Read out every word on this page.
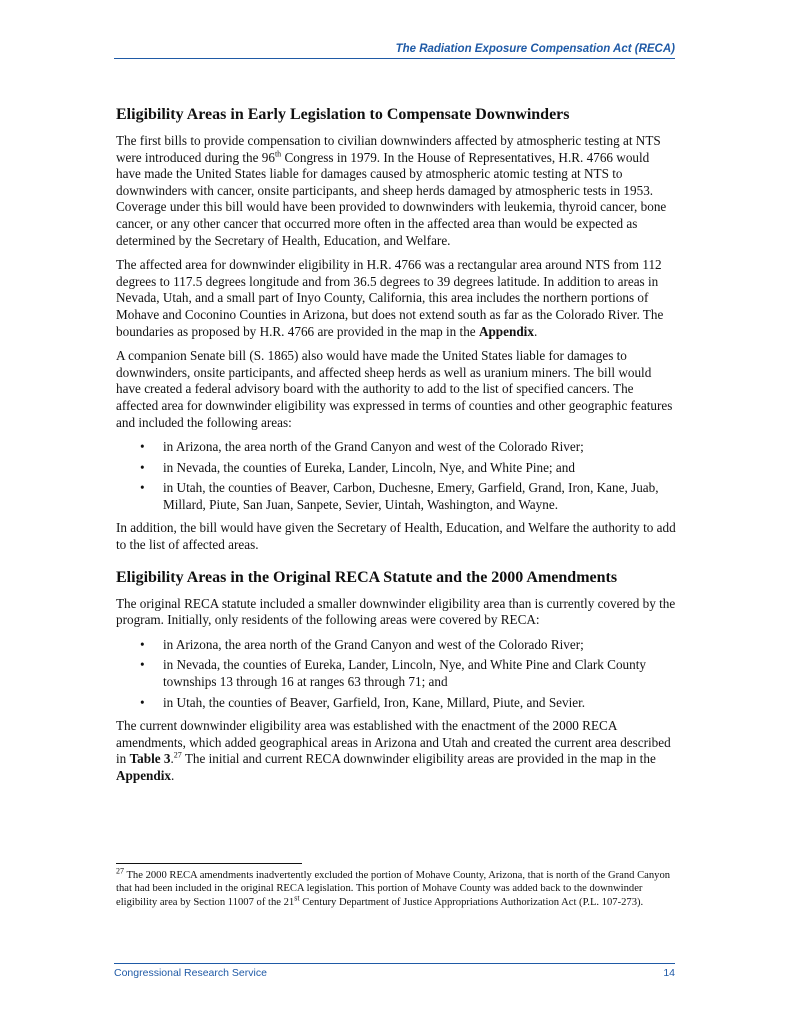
The Radiation Exposure Compensation Act (RECA)
Eligibility Areas in Early Legislation to Compensate Downwinders

The first bills to provide compensation to civilian downwinders affected by atmospheric testing at NTS were introduced during the 96th Congress in 1979. In the House of Representatives, H.R. 4766 would have made the United States liable for damages caused by atmospheric atomic testing at NTS to downwinders with cancer, onsite participants, and sheep herds damaged by atmospheric tests in 1953. Coverage under this bill would have been provided to downwinders with leukemia, thyroid cancer, bone cancer, or any other cancer that occurred more often in the affected area than would be expected as determined by the Secretary of Health, Education, and Welfare.

The affected area for downwinder eligibility in H.R. 4766 was a rectangular area around NTS from 112 degrees to 117.5 degrees longitude and from 36.5 degrees to 39 degrees latitude. In addition to areas in Nevada, Utah, and a small part of Inyo County, California, this area includes the northern portions of Mohave and Coconino Counties in Arizona, but does not extend south as far as the Colorado River. The boundaries as proposed by H.R. 4766 are provided in the map in the Appendix.

A companion Senate bill (S. 1865) also would have made the United States liable for damages to downwinders, onsite participants, and affected sheep herds as well as uranium miners. The bill would have created a federal advisory board with the authority to add to the list of specified cancers. The affected area for downwinder eligibility was expressed in terms of counties and other geographic features and included the following areas:

• in Arizona, the area north of the Grand Canyon and west of the Colorado River;
• in Nevada, the counties of Eureka, Lander, Lincoln, Nye, and White Pine; and
• in Utah, the counties of Beaver, Carbon, Duchesne, Emery, Garfield, Grand, Iron, Kane, Juab, Millard, Piute, San Juan, Sanpete, Sevier, Uintah, Washington, and Wayne.

In addition, the bill would have given the Secretary of Health, Education, and Welfare the authority to add to the list of affected areas.

Eligibility Areas in the Original RECA Statute and the 2000 Amendments

The original RECA statute included a smaller downwinder eligibility area than is currently covered by the program. Initially, only residents of the following areas were covered by RECA:

• in Arizona, the area north of the Grand Canyon and west of the Colorado River;
• in Nevada, the counties of Eureka, Lander, Lincoln, Nye, and White Pine and Clark County townships 13 through 16 at ranges 63 through 71; and
• in Utah, the counties of Beaver, Garfield, Iron, Kane, Millard, Piute, and Sevier.

The current downwinder eligibility area was established with the enactment of the 2000 RECA amendments, which added geographical areas in Arizona and Utah and created the current area described in Table 3.27 The initial and current RECA downwinder eligibility areas are provided in the map in the Appendix.

$^{27}$ The 2000 RECA amendments inadvertently excluded the portion of Mohave County, Arizona, that is north of the Grand Canyon that had been included in the original RECA legislation. This portion of Mohave County was added back to the downwinder eligibility area by Section 11007 of the 21st Century Department of Justice Appropriations Authorization Act (P.L. 107-273).
Congressional Research Service	14
